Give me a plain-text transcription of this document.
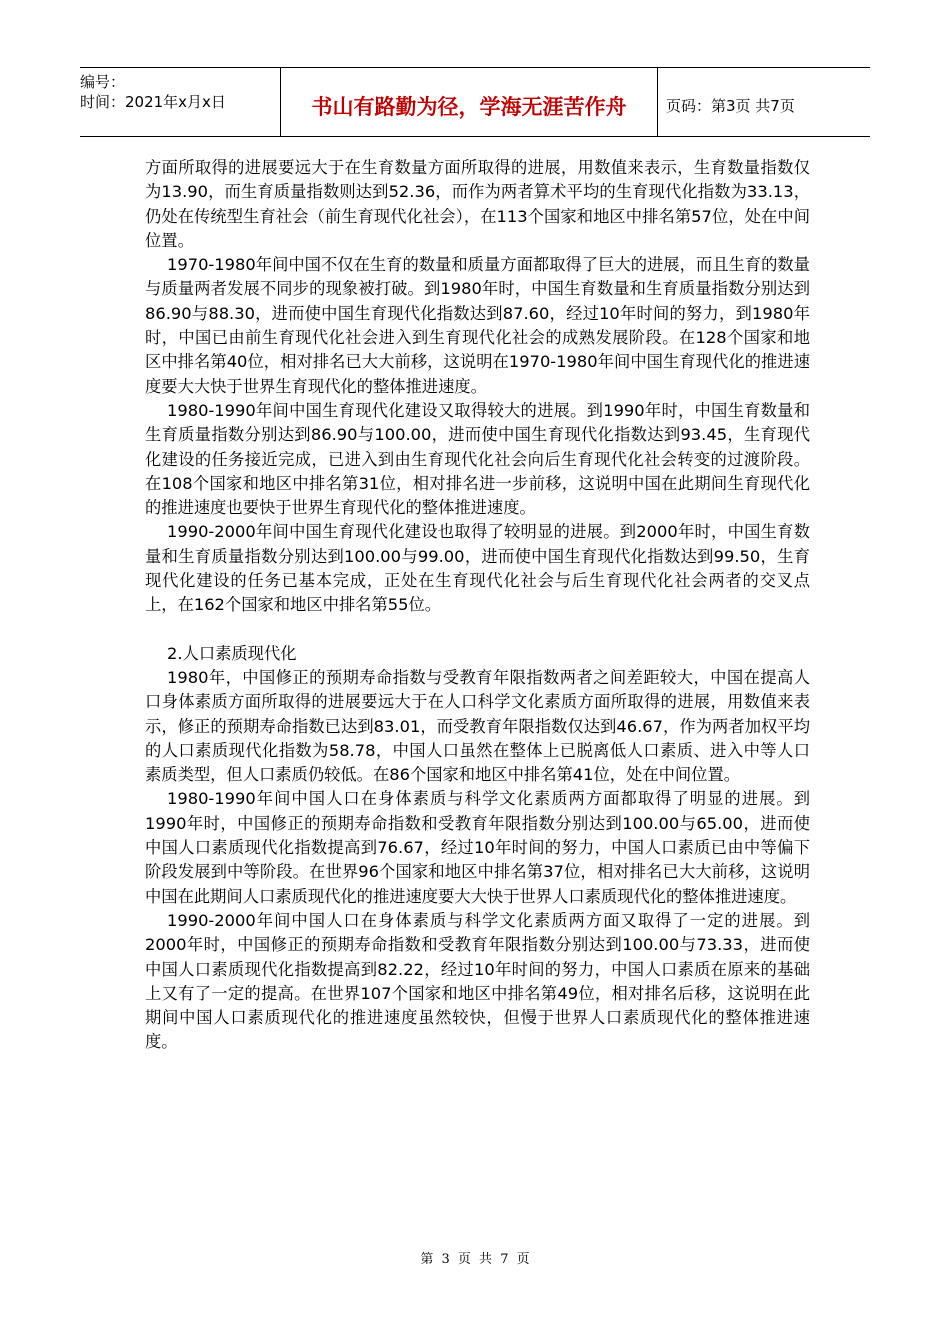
编号：
时间：2021年x月x日	书山有路勤为径，学海无涯苦作舟	页码：第3页 共7页

方面所取得的进展要远大于在生育数量方面所取得的进展，用数值来表示，生育数量指数仅为13.90，而生育质量指数则达到52.36，而作为两者算术平均的生育现代化指数为33.13，仍处在传统型生育社会（前生育现代化社会），在113个国家和地区中排名第57位，处在中间位置。

1970-1980年间中国不仅在生育的数量和质量方面都取得了巨大的进展，而且生育的数量与质量两者发展不同步的现象被打破。到1980年时，中国生育数量和生育质量指数分别达到86.90与88.30，进而使中国生育现代化指数达到87.60，经过10年时间的努力，到1980年时，中国已由前生育现代化社会进入到生育现代化社会的成熟发展阶段。在128个国家和地区中排名第40位，相对排名已大大前移，这说明在1970-1980年间中国生育现代化的推进速度要大大快于世界生育现代化的整体推进速度。

1980-1990年间中国生育现代化建设又取得较大的进展。到1990年时，中国生育数量和生育质量指数分别达到86.90与100.00，进而使中国生育现代化指数达到93.45，生育现代化建设的任务接近完成，已进入到由生育现代化社会向后生育现代化社会转变的过渡阶段。在108个国家和地区中排名第31位，相对排名进一步前移，这说明中国在此期间生育现代化的推进速度也要快于世界生育现代化的整体推进速度。

1990-2000年间中国生育现代化建设也取得了较明显的进展。到2000年时，中国生育数量和生育质量指数分别达到100.00与99.00，进而使中国生育现代化指数达到99.50，生育现代化建设的任务已基本完成，正处在生育现代化社会与后生育现代化社会两者的交叉点上，在162个国家和地区中排名第55位。

2.人口素质现代化

1980年，中国修正的预期寿命指数与受教育年限指数两者之间差距较大，中国在提高人口身体素质方面所取得的进展要远大于在人口科学文化素质方面所取得的进展，用数值来表示，修正的预期寿命指数已达到83.01，而受教育年限指数仅达到46.67，作为两者加权平均的人口素质现代化指数为58.78，中国人口虽然在整体上已脱离低人口素质、进入中等人口素质类型，但人口素质仍较低。在86个国家和地区中排名第41位，处在中间位置。

1980-1990年间中国人口在身体素质与科学文化素质两方面都取得了明显的进展。到1990年时，中国修正的预期寿命指数和受教育年限指数分别达到100.00与65.00，进而使中国人口素质现代化指数提高到76.67，经过10年时间的努力，中国人口素质已由中等偏下阶段发展到中等阶段。在世界96个国家和地区中排名第37位，相对排名已大大前移，这说明中国在此期间人口素质现代化的推进速度要大大快于世界人口素质现代化的整体推进速度。

1990-2000年间中国人口在身体素质与科学文化素质两方面又取得了一定的进展。到2000年时，中国修正的预期寿命指数和受教育年限指数分别达到100.00与73.33，进而使中国人口素质现代化指数提高到82.22，经过10年时间的努力，中国人口素质在原来的基础上又有了一定的提高。在世界107个国家和地区中排名第49位，相对排名后移，这说明在此期间中国人口素质现代化的推进速度虽然较快，但慢于世界人口素质现代化的整体推进速度。

第 3 页 共 7 页
